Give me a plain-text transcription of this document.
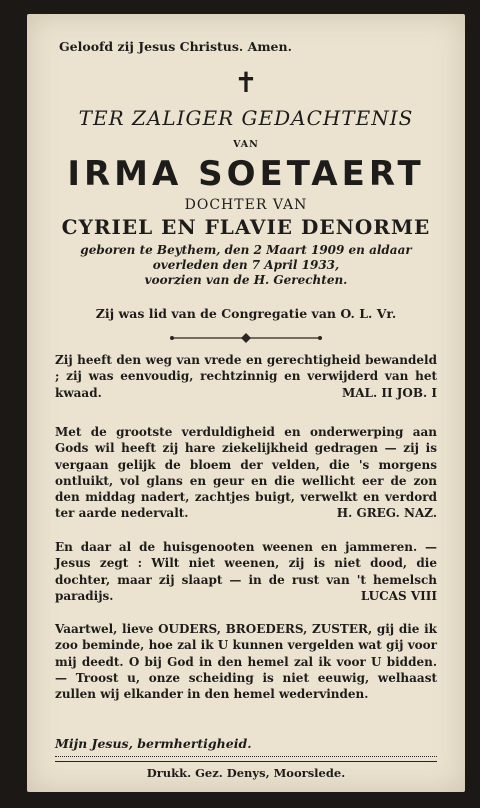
Geloofd zij Jesus Christus. Amen.
✝
TER ZALIGER GEDACHTENIS
VAN
IRMA SOETAERT
DOCHTER VAN
CYRIEL EN FLAVIE DENORME
geboren te Beythem, den 2 Maart 1909 en aldaar
overleden den 7 April 1933,
voorzien van de H. Gerechten.
Zij was lid van de Congregatie van O. L. Vr.
Zij heeft den weg van vrede en gerechtigheid bewandeld ; zij was eenvoudig, rechtzinnig en verwijderd van het kwaad.	MAL. II JOB. I
Met de grootste verduldigheid en onderwerping aan Gods wil heeft zij hare ziekelijkheid gedragen — zij is vergaan gelijk de bloem der velden, die 's morgens ontluikt, vol glans en geur en die wellicht eer de zon den middag nadert, zachtjes buigt, verwelkt en verdord ter aarde nedervalt.	H. GREG. NAZ.
En daar al de huisgenooten weenen en jammeren. — Jesus zegt : Wilt niet weenen, zij is niet dood, die dochter, maar zij slaapt — in de rust van 't hemelsch paradijs.	LUCAS VIII
Vaartwel, lieve OUDERS, BROEDERS, ZUSTER, gij die ik zoo beminde, hoe zal ik U kunnen vergelden wat gij voor mij deedt. O bij God in den hemel zal ik voor U bidden. — Troost u, onze scheiding is niet eeuwig, welhaast zullen wij elkander in den hemel wedervinden.
Mijn Jesus, bermhertigheid.
Drukk. Gez. Denys, Moorslede.
